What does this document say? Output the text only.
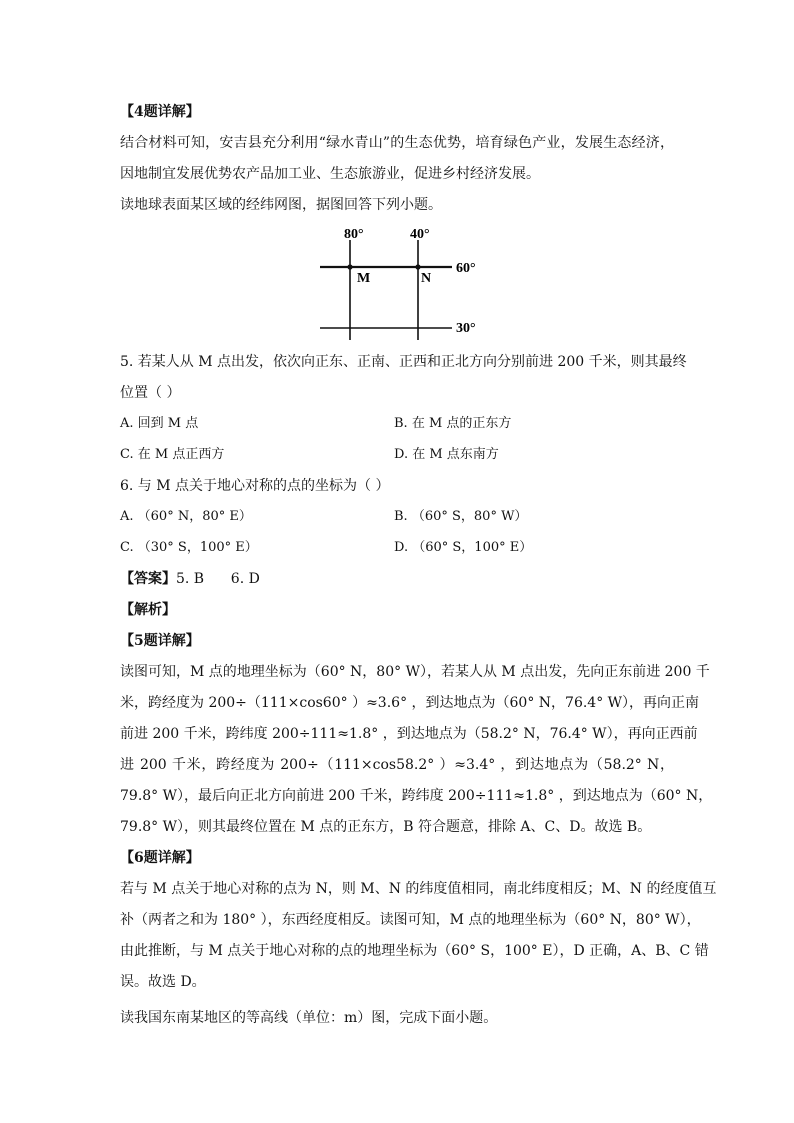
【4题详解】
结合材料可知，安吉县充分利用“绿水青山”的生态优势，培育绿色产业，发展生态经济，
因地制宜发展优势农产品加工业、生态旅游业，促进乡村经济发展。
读地球表面某区域的经纬网图，据图回答下列小题。
80°	40°
60°
30°
M	N
5. 若某人从 M 点出发，依次向正东、正南、正西和正北方向分别前进 200 千米，则其最终
位置（ ）
A. 回到 M 点	B. 在 M 点的正东方
C. 在 M 点正西方	D. 在 M 点东南方
6. 与 M 点关于地心对称的点的坐标为（ ）
A. （60° N，80° E）	B. （60° S，80° W）
C. （30° S，100° E）	D. （60° S，100° E）
【答案】5. B      6. D
【解析】
【5题详解】
读图可知，M 点的地理坐标为（60° N，80° W），若某人从 M 点出发，先向正东前进 200 千
米，跨经度为 200÷（111×cos60° ）≈3.6° ，到达地点为（60° N，76.4° W），再向正南
前进 200 千米，跨纬度 200÷111≈1.8° ，到达地点为（58.2° N，76.4° W），再向正西前
进 200 千米，跨经度为 200÷（111×cos58.2° ）≈3.4° ，到达地点为（58.2° N，
79.8° W），最后向正北方向前进 200 千米，跨纬度 200÷111≈1.8° ，到达地点为（60° N，
79.8° W），则其最终位置在 M 点的正东方，B 符合题意，排除 A、C、D。故选 B。
【6题详解】
若与 M 点关于地心对称的点为 N，则 M、N 的纬度值相同，南北纬度相反；M、N 的经度值互
补（两者之和为 180° ），东西经度相反。读图可知，M 点的地理坐标为（60° N，80° W），
由此推断，与 M 点关于地心对称的点的地理坐标为（60° S，100° E），D 正确，A、B、C 错
误。故选 D。
读我国东南某地区的等高线（单位：m）图，完成下面小题。
